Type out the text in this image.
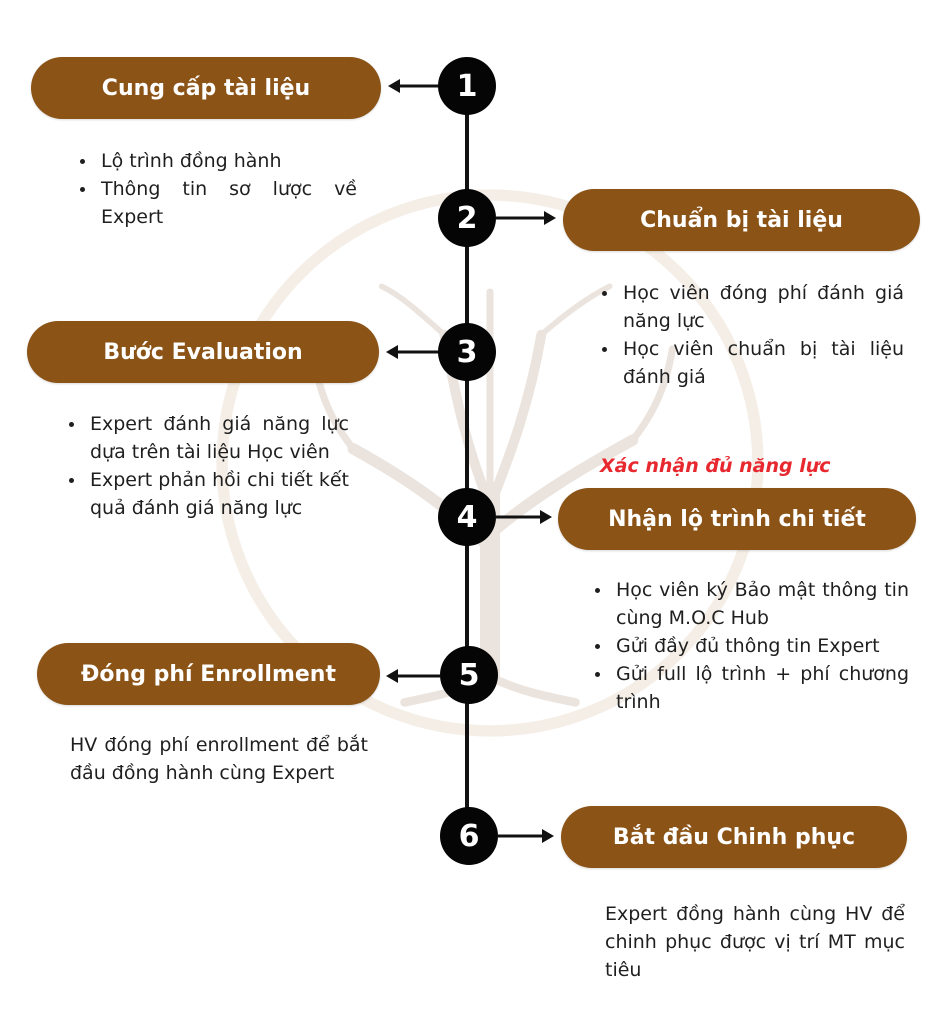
Cung cấp tài liệu	1
• Lộ trình đồng hành
• Thông tin sơ lược về Expert	2	Chuẩn bị tài liệu
• Học viên đóng phí đánh giá năng lực
• Học viên chuẩn bị tài liệu đánh giá
Bước Evaluation	3
• Expert đánh giá năng lực dựa trên tài liệu Học viên
• Expert phản hồi chi tiết kết quả đánh giá năng lực
Xác nhận đủ năng lực
4	Nhận lộ trình chi tiết
• Học viên ký Bảo mật thông tin cùng M.O.C Hub
• Gửi đầy đủ thông tin Expert
• Gửi full lộ trình + phí chương trình
Đóng phí Enrollment	5

HV đóng phí enrollment để bắt đầu đồng hành cùng Expert

6	Bắt đầu Chinh phục

Expert đồng hành cùng HV để chinh phục được vị trí MT mục tiêu
